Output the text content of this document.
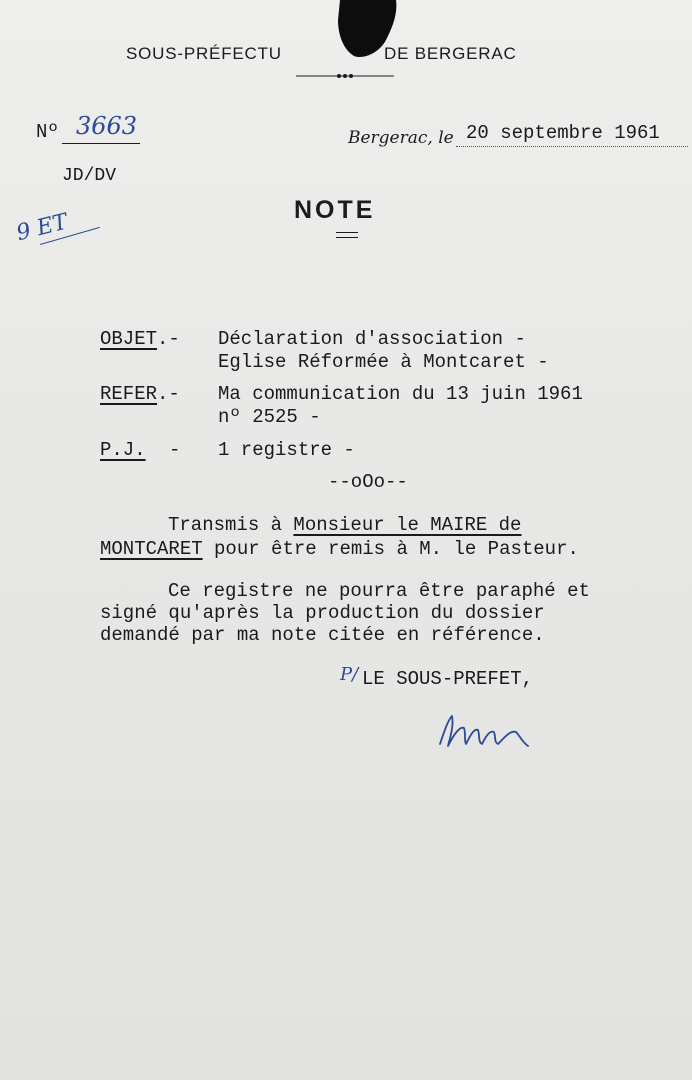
SOUS-PRÉFECTU	DE BERGERAC
Nº 3663
JD/DV
Bergerac, le 20 septembre 1961
9 ET	NOTE
OBJET.- Déclaration d'association -
Eglise Réformée à Montcaret -
REFER.- Ma communication du 13 juin 1961
nº 2525 -
P.J. - 1 registre -
--oOo--
Transmis à Monsieur le MAIRE de
MONTCARET pour être remis à M. le Pasteur.
Ce registre ne pourra être paraphé et
signé qu'après la production du dossier
demandé par ma note citée en référence.
P/ LE SOUS-PREFET,
